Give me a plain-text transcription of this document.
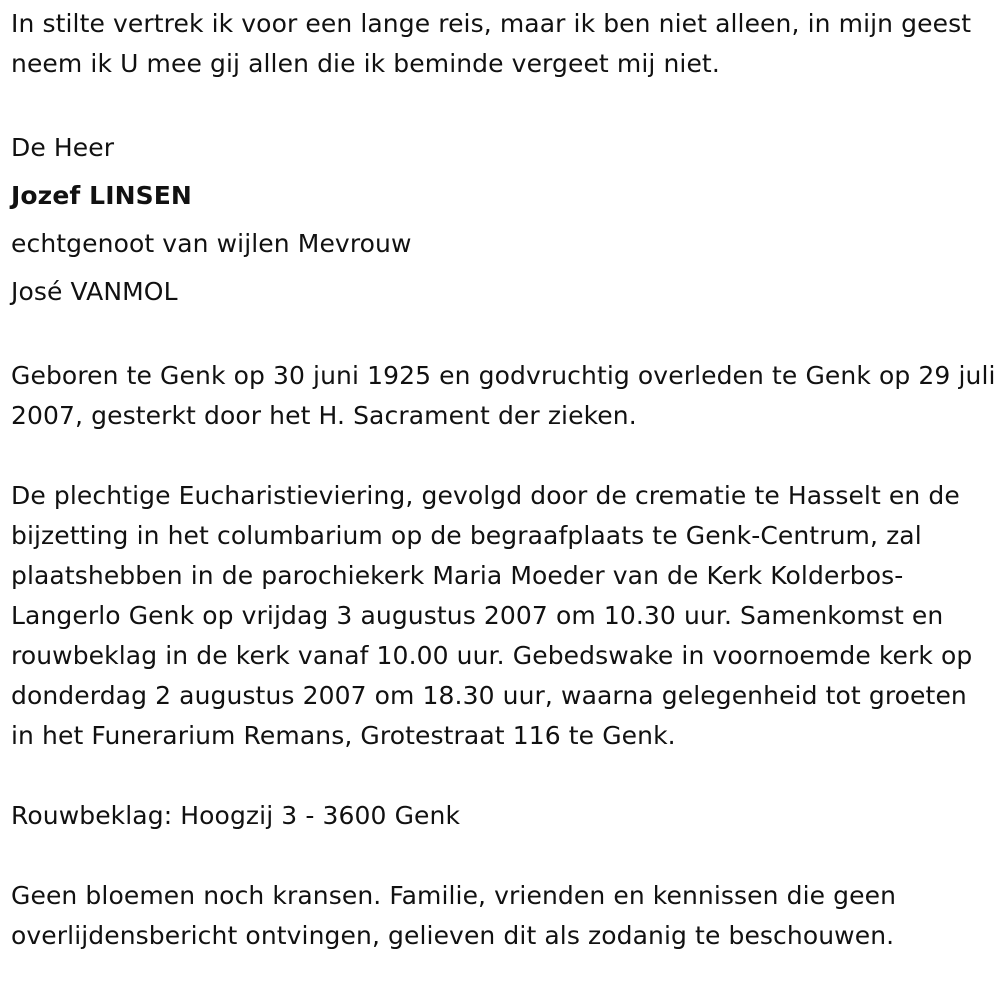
In stilte vertrek ik voor een lange reis, maar ik ben niet alleen, in mijn geest neem ik U mee gij allen die ik beminde vergeet mij niet.

De Heer
Jozef LINSEN
echtgenoot van wijlen Mevrouw
José VANMOL

Geboren te Genk op 30 juni 1925 en godvruchtig overleden te Genk op 29 juli 2007, gesterkt door het H. Sacrament der zieken.

De plechtige Eucharistieviering, gevolgd door de crematie te Hasselt en de bijzetting in het columbarium op de begraafplaats te Genk-Centrum, zal plaatshebben in de parochiekerk Maria Moeder van de Kerk Kolderbos-Langerlo Genk op vrijdag 3 augustus 2007 om 10.30 uur. Samenkomst en rouwbeklag in de kerk vanaf 10.00 uur. Gebedswake in voornoemde kerk op donderdag 2 augustus 2007 om 18.30 uur, waarna gelegenheid tot groeten in het Funerarium Remans, Grotestraat 116 te Genk.

Rouwbeklag: Hoogzij 3 - 3600 Genk

Geen bloemen noch kransen. Familie, vrienden en kennissen die geen overlijdensbericht ontvingen, gelieven dit als zodanig te beschouwen.
